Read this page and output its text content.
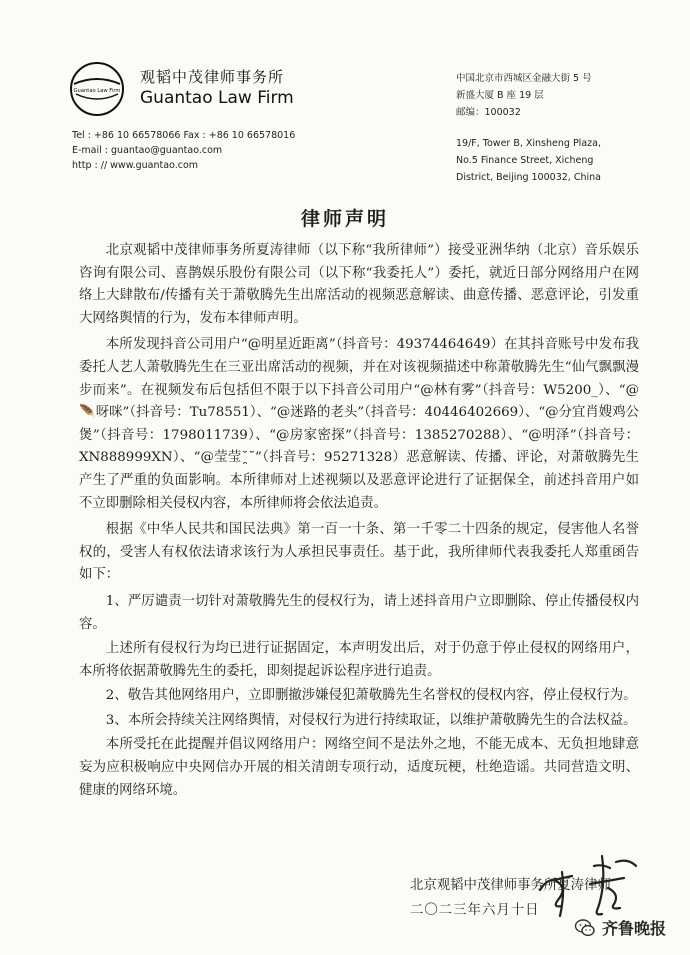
Guantao Law Firm
观韬中茂律师事务所
Guantao Law Firm
Tel : +86 10 66578066 Fax : +86 10 66578016
E-mail : guantao@guantao.com
http : // www.guantao.com
中国北京市西城区金融大街 5 号
新盛大厦 B 座 19 层
邮编：100032
19/F, Tower B, Xinsheng Plaza,
No.5 Finance Street, Xicheng
District, Beijing 100032, China
律师声明

北京观韬中茂律师事务所夏涛律师（以下称“我所律师”）接受亚洲华纳（北京）音乐娱乐咨询有限公司、喜鹊娱乐股份有限公司（以下称“我委托人”）委托，就近日部分网络用户在网络上大肆散布/传播有关于萧敬腾先生出席活动的视频恶意解读、曲意传播、恶意评论，引发重大网络舆情的行为，发布本律师声明。

本所发现抖音公司用户“@明星近距离”（抖音号：49374464649）在其抖音账号中发布我委托人艺人萧敬腾先生在三亚出席活动的视频，并在对该视频描述中称萧敬腾先生“仙气飘飘漫步而来”。在视频发布后包括但不限于以下抖音公司用户“@林有雾”（抖音号：W5200_）、“@🪶呀咪”（抖音号：Tu78551）、“@迷路的老头”（抖音号：40446402669）、“@分宜肖嫂鸡公煲”（抖音号：1798011739）、“@房家密探”（抖音号：1385270288）、“@明泽”（抖音号：XN888999XN）、“@莹莹˘̯˘”（抖音号：95271328）恶意解读、传播、评论，对萧敬腾先生产生了严重的负面影响。本所律师对上述视频以及恶意评论进行了证据保全，前述抖音用户如不立即删除相关侵权内容，本所律师将会依法追责。

根据《中华人民共和国民法典》第一百一十条、第一千零二十四条的规定，侵害他人名誉权的，受害人有权依法请求该行为人承担民事责任。基于此，我所律师代表我委托人郑重函告如下：

1、严厉谴责一切针对萧敬腾先生的侵权行为，请上述抖音用户立即删除、停止传播侵权内容。

上述所有侵权行为均已进行证据固定，本声明发出后，对于仍意于停止侵权的网络用户，本所将依据萧敬腾先生的委托，即刻提起诉讼程序进行追责。

2、敬告其他网络用户，立即删撤涉嫌侵犯萧敬腾先生名誉权的侵权内容，停止侵权行为。

3、本所会持续关注网络舆情，对侵权行为进行持续取证，以维护萧敬腾先生的合法权益。

本所受托在此提醒并倡议网络用户：网络空间不是法外之地，不能无成本、无负担地肆意妄为应积极响应中央网信办开展的相关清朗专项行动，适度玩梗，杜绝造谣。共同营造文明、健康的网络环境。

北京观韬中茂律师事务所夏涛律师
二〇二三年六月十日
齐鲁晚报
